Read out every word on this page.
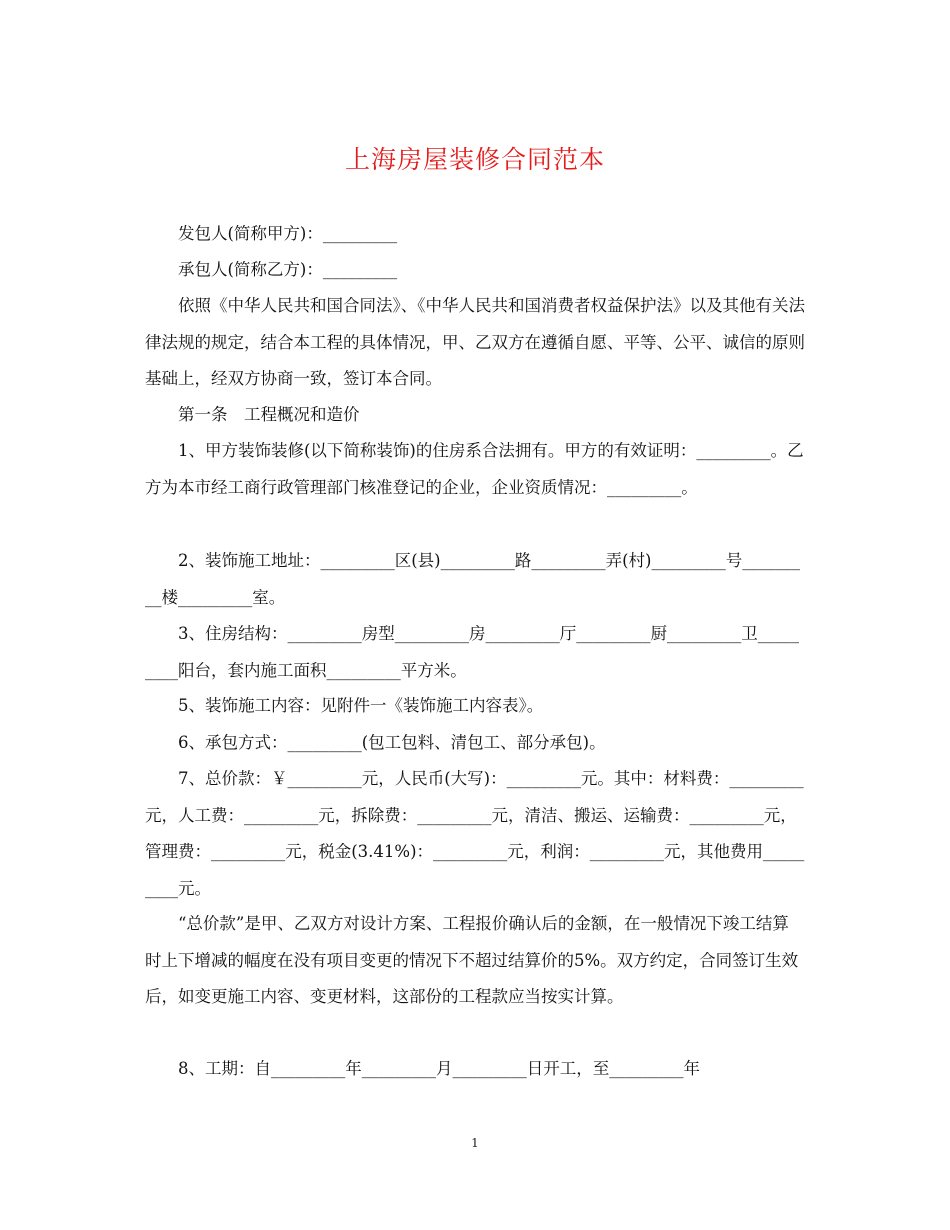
上海房屋装修合同范本

发包人(简称甲方)：_________

承包人(简称乙方)：_________

依照《中华人民共和国合同法》、《中华人民共和国消费者权益保护法》以及其他有关法律法规的规定，结合本工程的具体情况，甲、乙双方在遵循自愿、平等、公平、诚信的原则基础上，经双方协商一致，签订本合同。

第一条　工程概况和造价

1、甲方装饰装修(以下简称装饰)的住房系合法拥有。甲方的有效证明：_________。乙方为本市经工商行政管理部门核准登记的企业，企业资质情况：_________。

2、装饰施工地址：_________区(县)_________路_________弄(村)_________号_________楼_________室。

3、住房结构：_________房型_________房_________厅_________厨_________卫_________阳台，套内施工面积_________平方米。

5、装饰施工内容：见附件一《装饰施工内容表》。

6、承包方式：_________(包工包料、清包工、部分承包)。

7、总价款：￥_________元，人民币(大写)：_________元。其中：材料费：_________元，人工费：_________元，拆除费：_________元，清洁、搬运、运输费：_________元，管理费：_________元，税金(3.41%)：_________元，利润：_________元，其他费用_________元。

“总价款”是甲、乙双方对设计方案、工程报价确认后的金额，在一般情况下竣工结算时上下增减的幅度在没有项目变更的情况下不超过结算价的5%。双方约定，合同签订生效后，如变更施工内容、变更材料，这部份的工程款应当按实计算。

8、工期：自_________年_________月_________日开工，至_________年

1
